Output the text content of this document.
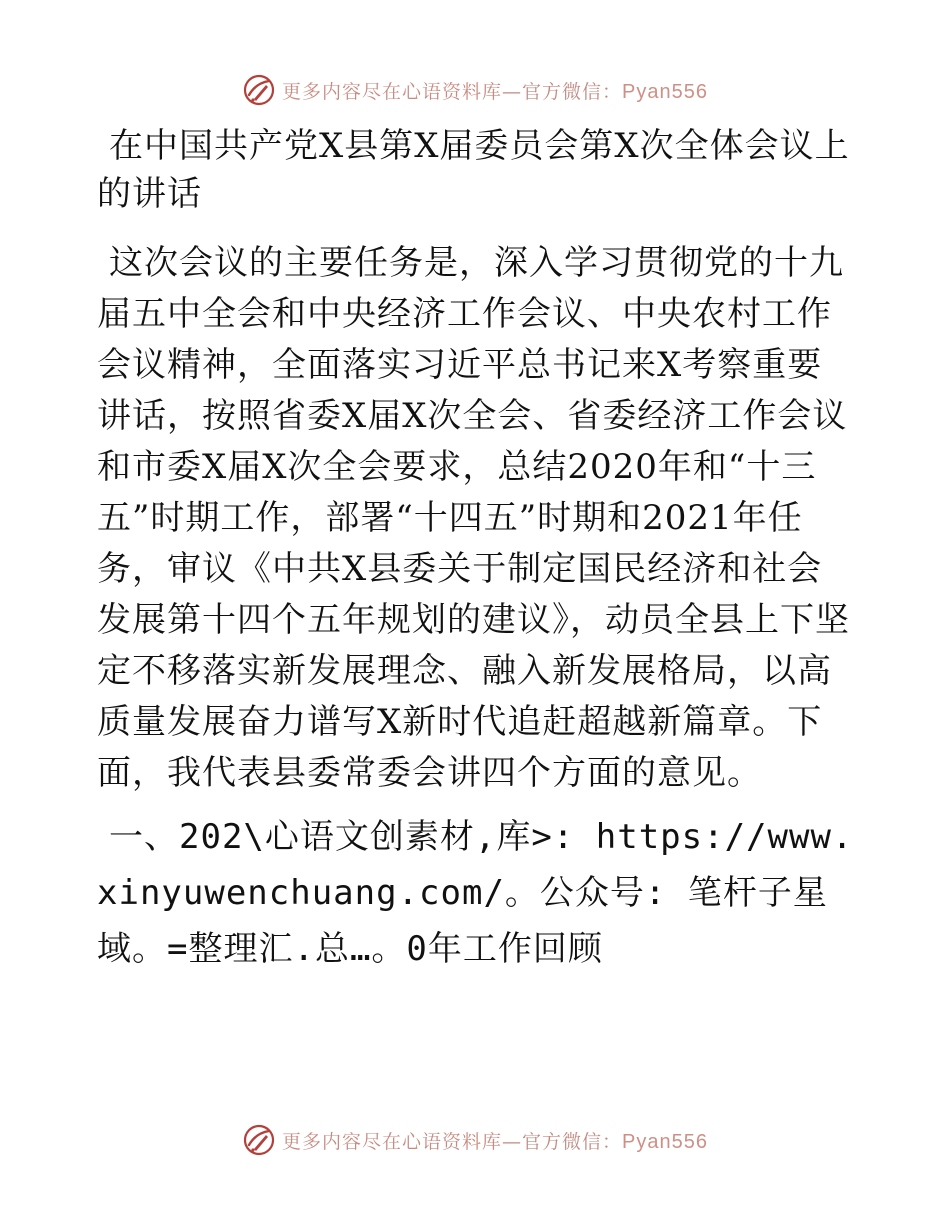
更多内容尽在心语资料库—官方微信：Pyan556

在中国共产党X县第X届委员会第X次全体会议上的讲话

这次会议的主要任务是，深入学习贯彻党的十九届五中全会和中央经济工作会议、中央农村工作会议精神，全面落实习近平总书记来X考察重要讲话，按照省委X届X次全会、省委经济工作会议和市委X届X次全会要求，总结2020年和“十三五”时期工作，部署“十四五”时期和2021年任务，审议《中共X县委关于制定国民经济和社会发展第十四个五年规划的建议》，动员全县上下坚定不移落实新发展理念、融入新发展格局，以高质量发展奋力谱写X新时代追赶超越新篇章。下面，我代表县委常委会讲四个方面的意见。

一、202\心语文创素材,库>: https://www.xinyuwenchuang.com/。公众号: 笔杆子星域。=整理汇.总…。0年工作回顾

更多内容尽在心语资料库—官方微信：Pyan556
